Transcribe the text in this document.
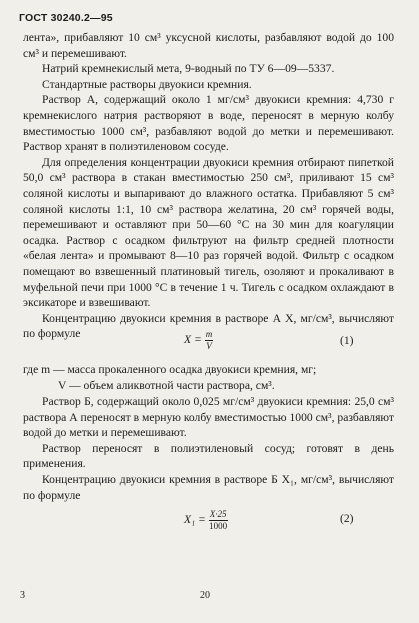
ГОСТ 30240.2—95

лента», прибавляют 10 см³ уксусной кислоты, разбавляют водой до 100 см³ и перемешивают.

Натрий кремнекислый мета, 9-водный по ТУ 6—09—5337.

Стандартные растворы двуокиси кремния.

Раствор А, содержащий около 1 мг/см³ двуокиси кремния: 4,730 г кремнекислого натрия растворяют в воде, переносят в мерную колбу вместимостью 1000 см³, разбавляют водой до метки и перемешивают. Раствор хранят в полиэтиленовом сосуде.

Для определения концентрации двуокиси кремния отбирают пипеткой 50,0 см³ раствора в стакан вместимостью 250 см³, приливают 15 см³ соляной кислоты и выпаривают до влажного остатка. Прибавляют 5 см³ соляной кислоты 1:1, 10 см³ раствора желатина, 20 см³ горячей воды, перемешивают и оставляют при 50—60 °С на 30 мин для коагуляции осадка. Раствор с осадком фильтруют на фильтр средней плотности «белая лента» и промывают 8—10 раз горячей водой. Фильтр с осадком помещают во взвешенный платиновый тигель, озоляют и прокаливают в муфельной печи при 1000 °С в течение 1 ч. Тигель с осадком охлаждают в эксикаторе и взвешивают.

Концентрацию двуокиси кремния в растворе А X, мг/см³, вычисляют по формуле	$X = \frac{m}{V}$	(1)

где m — масса прокаленного осадка двуокиси кремния, мг;

V — объем аликвотной части раствора, см³.

Раствор Б, содержащий около 0,025 мг/см³ двуокиси кремния: 25,0 см³ раствора А переносят в мерную колбу вместимостью 1000 см³, разбавляют водой до метки и перемешивают.

Раствор переносят в полиэтиленовый сосуд; готовят в день применения.

Концентрацию двуокиси кремния в растворе Б X₁, мг/см³, вычисляют по формуле

$X_1 = \frac{X\cdot 25}{1000}$	(2)
3	20
